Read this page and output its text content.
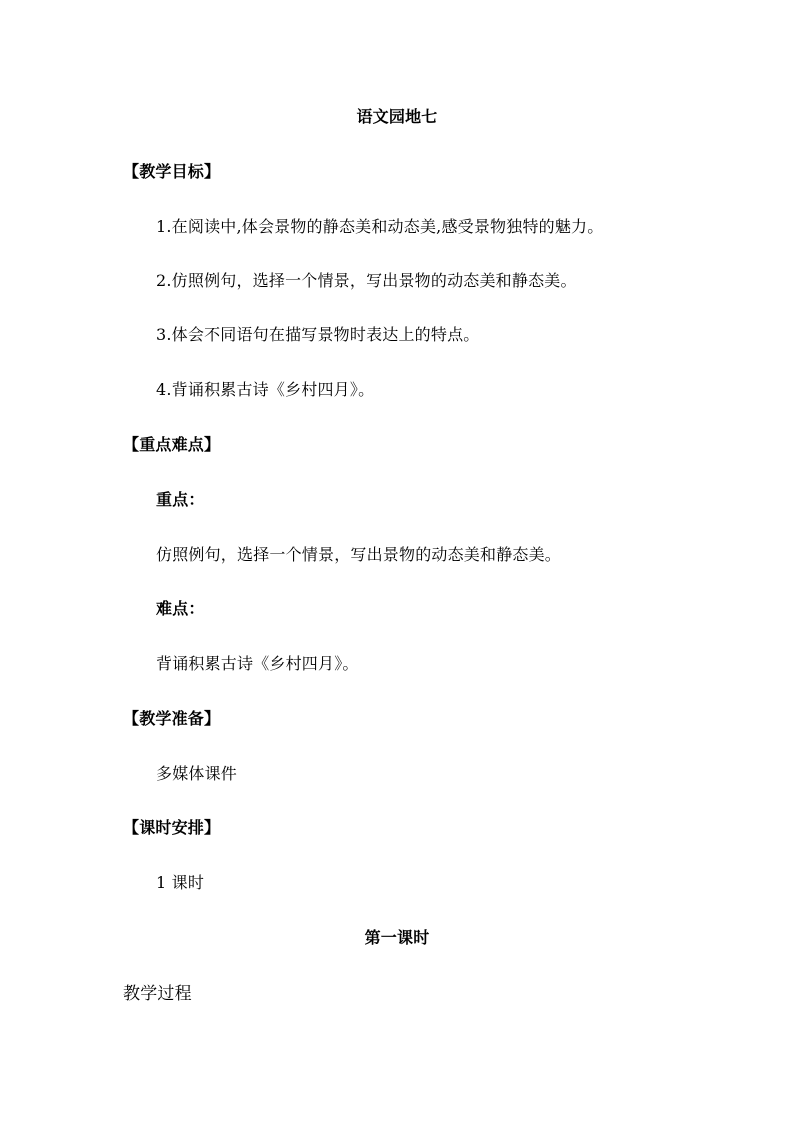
语文园地七
【教学目标】
1.在阅读中,体会景物的静态美和动态美,感受景物独特的魅力。
2.仿照例句，选择一个情景，写出景物的动态美和静态美。
3.体会不同语句在描写景物时表达上的特点。
4.背诵积累古诗《乡村四月》。
【重点难点】
重点：
仿照例句，选择一个情景，写出景物的动态美和静态美。
难点：
背诵积累古诗《乡村四月》。
【教学准备】
多媒体课件
【课时安排】
1 课时
第一课时
教学过程
